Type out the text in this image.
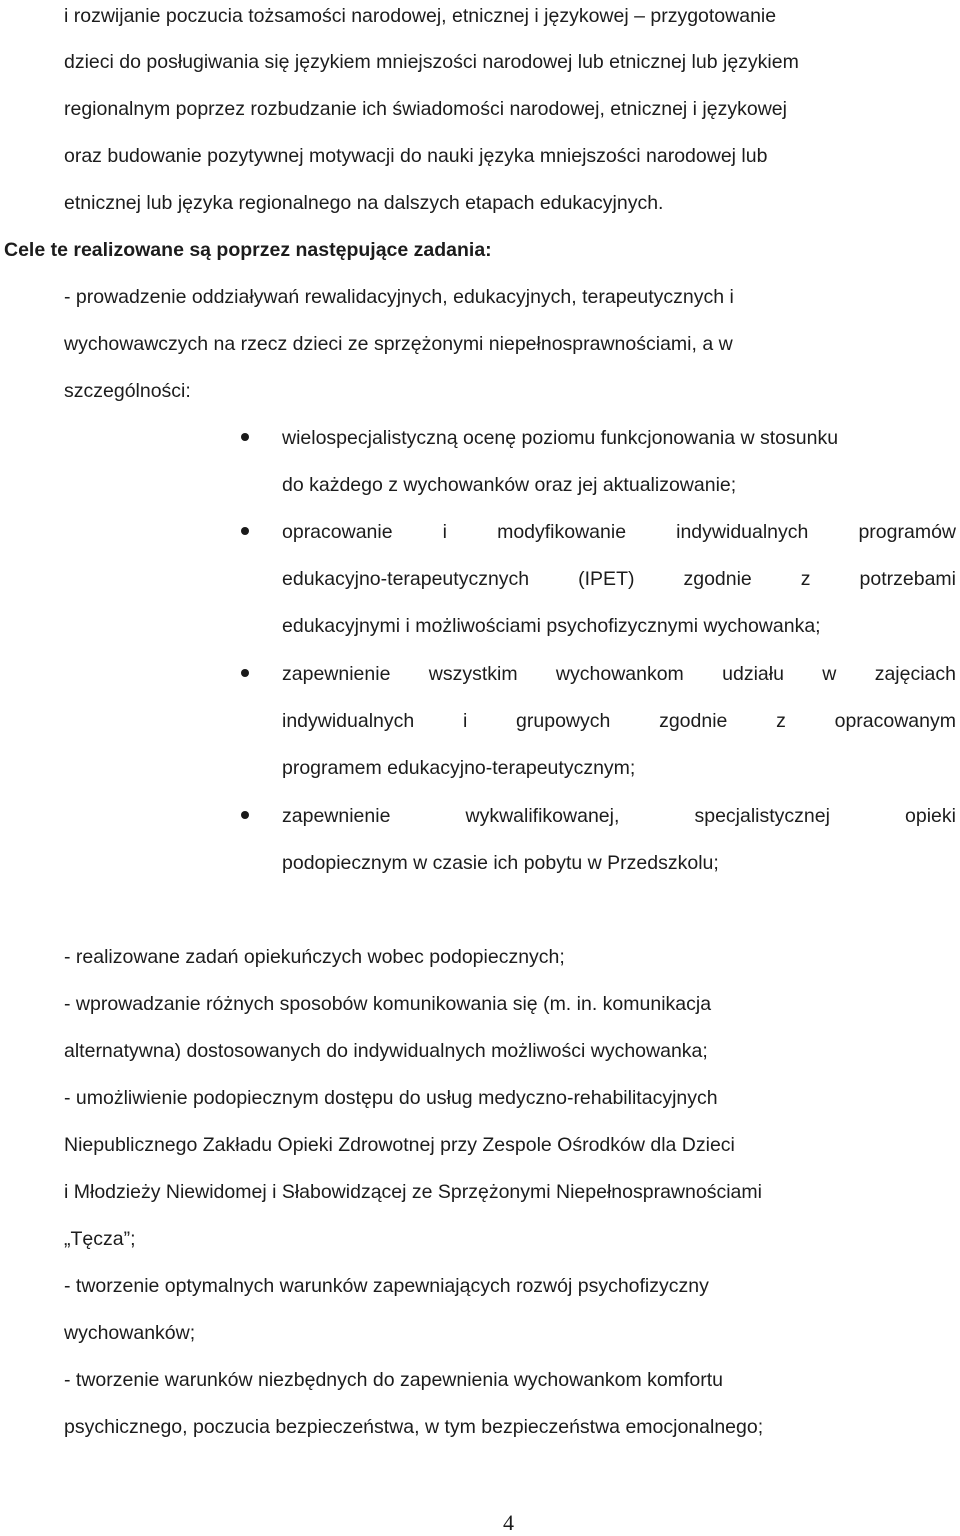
i rozwijanie poczucia tożsamości narodowej, etnicznej i językowej – przygotowanie
dzieci do posługiwania się językiem mniejszości narodowej lub etnicznej lub językiem
regionalnym poprzez rozbudzanie ich świadomości narodowej, etnicznej i językowej
oraz budowanie pozytywnej motywacji do nauki języka mniejszości narodowej lub
etnicznej lub języka regionalnego na dalszych etapach edukacyjnych.
Cele te realizowane są poprzez następujące zadania:
- prowadzenie oddziaływań rewalidacyjnych, edukacyjnych, terapeutycznych i
wychowawczych na rzecz dzieci ze sprzężonymi niepełnosprawnościami, a w
szczególności:
wielospecjalistyczną ocenę poziomu funkcjonowania w stosunku
do każdego z wychowanków oraz jej aktualizowanie;
opracowanie i modyfikowanie indywidualnych programów
edukacyjno-terapeutycznych (IPET) zgodnie z potrzebami
edukacyjnymi i możliwościami psychofizycznymi wychowanka;
zapewnienie wszystkim wychowankom udziału w zajęciach
indywidualnych i grupowych zgodnie z opracowanym
programem edukacyjno-terapeutycznym;
zapewnienie wykwalifikowanej, specjalistycznej opieki
podopiecznym w czasie ich pobytu w Przedszkolu;
- realizowane zadań opiekuńczych wobec podopiecznych;
- wprowadzanie różnych sposobów komunikowania się (m. in. komunikacja
alternatywna) dostosowanych do indywidualnych możliwości wychowanka;
- umożliwienie podopiecznym dostępu do usług medyczno-rehabilitacyjnych
Niepublicznego Zakładu Opieki Zdrowotnej przy Zespole Ośrodków dla Dzieci
i Młodzieży Niewidomej i Słabowidzącej ze Sprzężonymi Niepełnosprawnościami
„Tęcza”;
- tworzenie optymalnych warunków zapewniających rozwój psychofizyczny
wychowanków;
- tworzenie warunków niezbędnych do zapewnienia wychowankom komfortu
psychicznego, poczucia bezpieczeństwa, w tym bezpieczeństwa emocjonalnego;
4
